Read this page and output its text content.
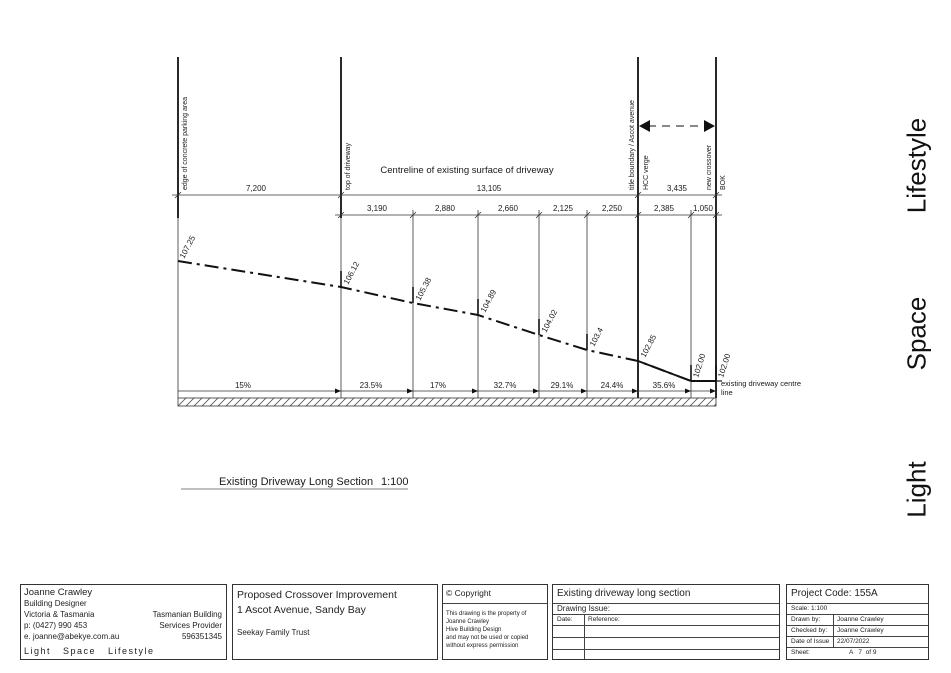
edge of concrete parking area	top of driveway	title boundary / Ascot avenue HCC verge	new crossover BOK
Centreline of existing surface of driveway
7,200	13,105	3,435
3,190	2,880	2,660	2,125	2,250	2,385 1,050
107.25
106.12
105.38	104.89
104.02
103.4	102.85
102.00 102.00
existing driveway centre
line
15%	23.5%	17%	32.7%	29.1%	24.4%	35.6%
Existing Driveway Long Section 1:100
Lifestyle
Space
Light
Joanne Crawley
Building Designer
Victoria & Tasmania
p: (0427) 990 453
e. joanne@abekye.com.au
Tasmanian Building
Services Provider
596351345
Light   Space   Lifestyle
Proposed Crossover Improvement
1 Ascot Avenue, Sandy Bay
Seekay Family Trust
© Copyright
This drawing is the property of
Joanne Crawley
Hive Building Design
and may not be used or copied
without express permission
Existing driveway long section
Drawing Issue:
Date: Reference:
Project Code: 155A
Scale: 1:100
Drawn by:	Joanne Crawley
Checked by: Joanne Crawley
Date of Issue 22/07/2022
Sheet:	A   7  of 9
